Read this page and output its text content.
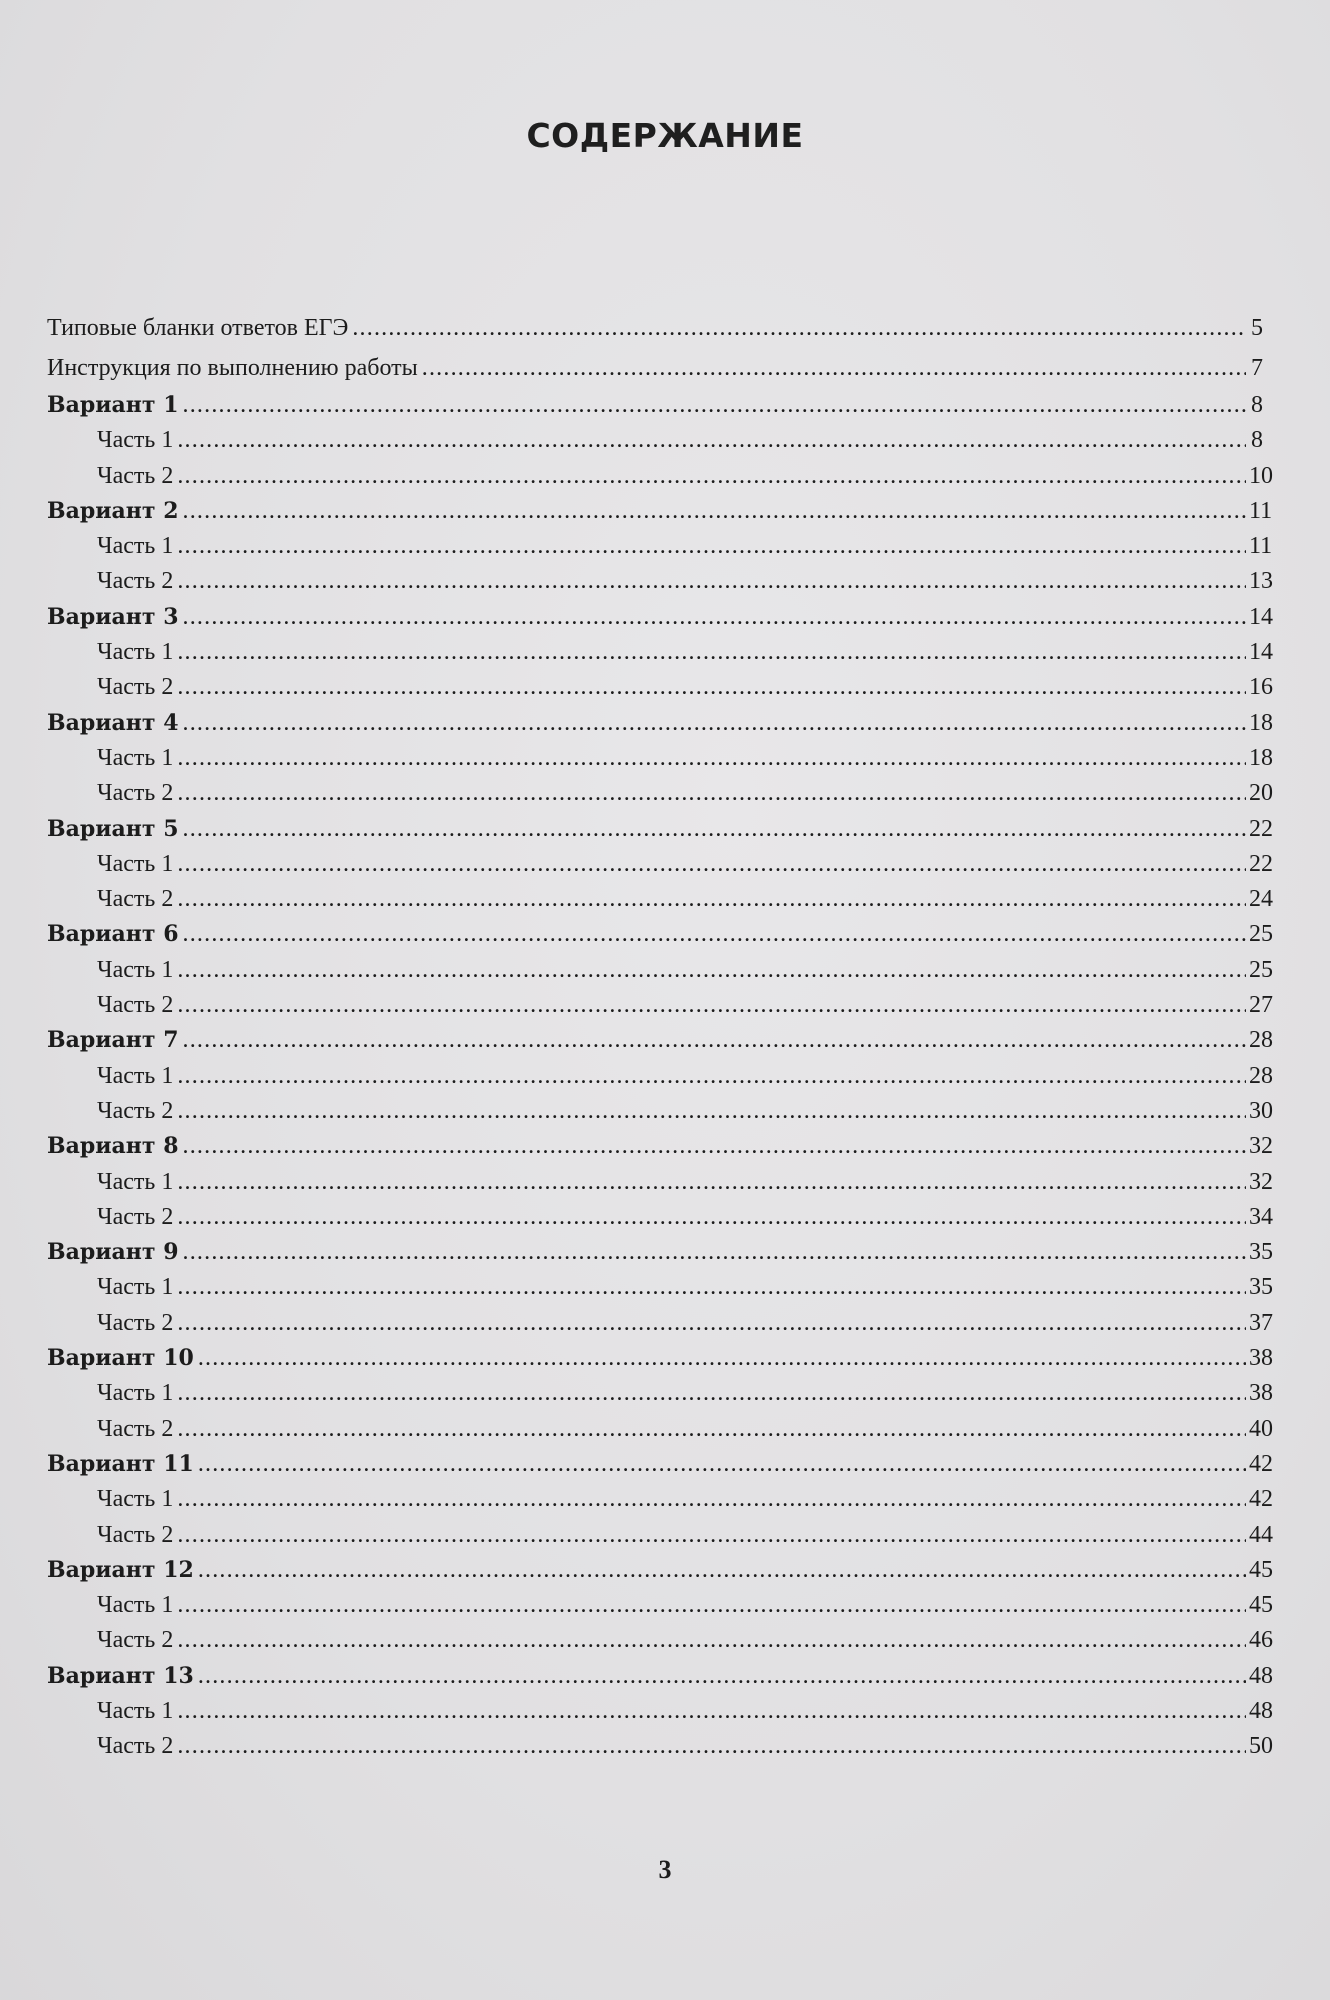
СОДЕРЖАНИЕ
Типовые бланки ответов ЕГЭ .....	5
Инструкция по выполнению работы .....	7
Вариант 1 .....	8
Часть 1 .....	8
Часть 2 .....	10
Вариант 2 .....	11
Часть 1 .....	11
Часть 2 .....	13
Вариант 3 .....	14
Часть 1 .....	14
Часть 2 .....	16
Вариант 4 .....	18
Часть 1 .....	18
Часть 2 .....	20
Вариант 5 .....	22
Часть 1 .....	22
Часть 2 .....	24
Вариант 6 .....	25
Часть 1 .....	25
Часть 2 .....	27
Вариант 7 .....	28
Часть 1 .....	28
Часть 2 .....	30
Вариант 8 .....	32
Часть 1 .....	32
Часть 2 .....	34
Вариант 9 .....	35
Часть 1 .....	35
Часть 2 .....	37
Вариант 10 .....	38
Часть 1 .....	38
Часть 2 .....	40
Вариант 11 .....	42
Часть 1 .....	42
Часть 2 .....	44
Вариант 12 .....	45
Часть 1 .....	45
Часть 2 .....	46
Вариант 13 .....	48
Часть 1 .....	48
Часть 2 .....	50
3
